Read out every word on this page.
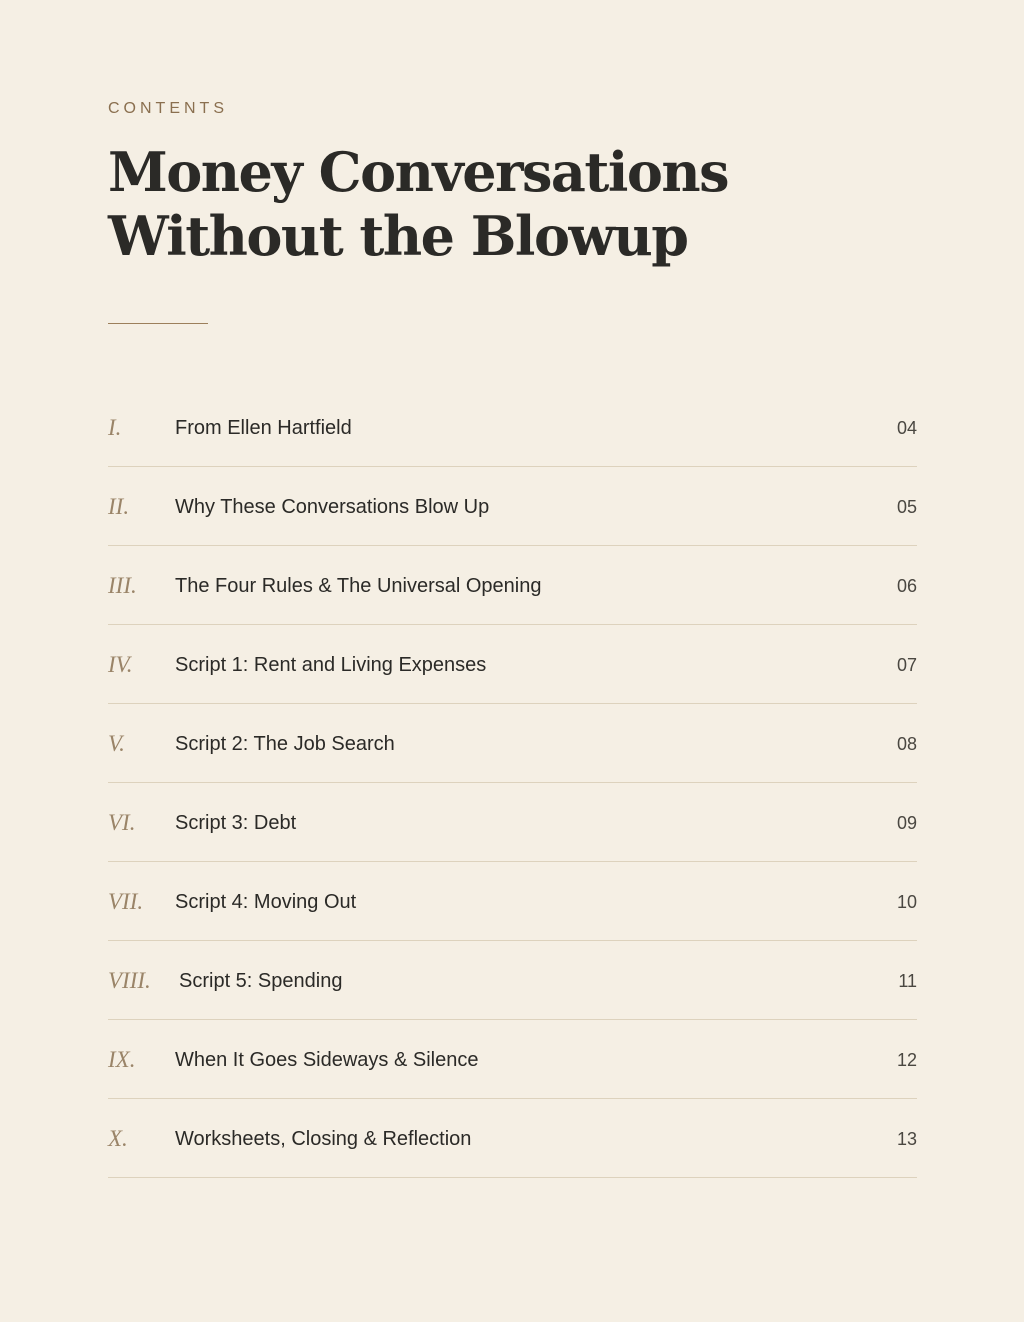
CONTENTS
Money Conversations Without the Blowup
I.	From Ellen Hartfield	04
II. Why These Conversations Blow Up	05
III. The Four Rules & The Universal Opening	06
IV. Script 1: Rent and Living Expenses	07
V.	Script 2: The Job Search	08
VI. Script 3: Debt	09
VII. Script 4: Moving Out	10
VIII. Script 5: Spending	11
IX. When It Goes Sideways & Silence	12
X. Worksheets, Closing & Reflection	13
